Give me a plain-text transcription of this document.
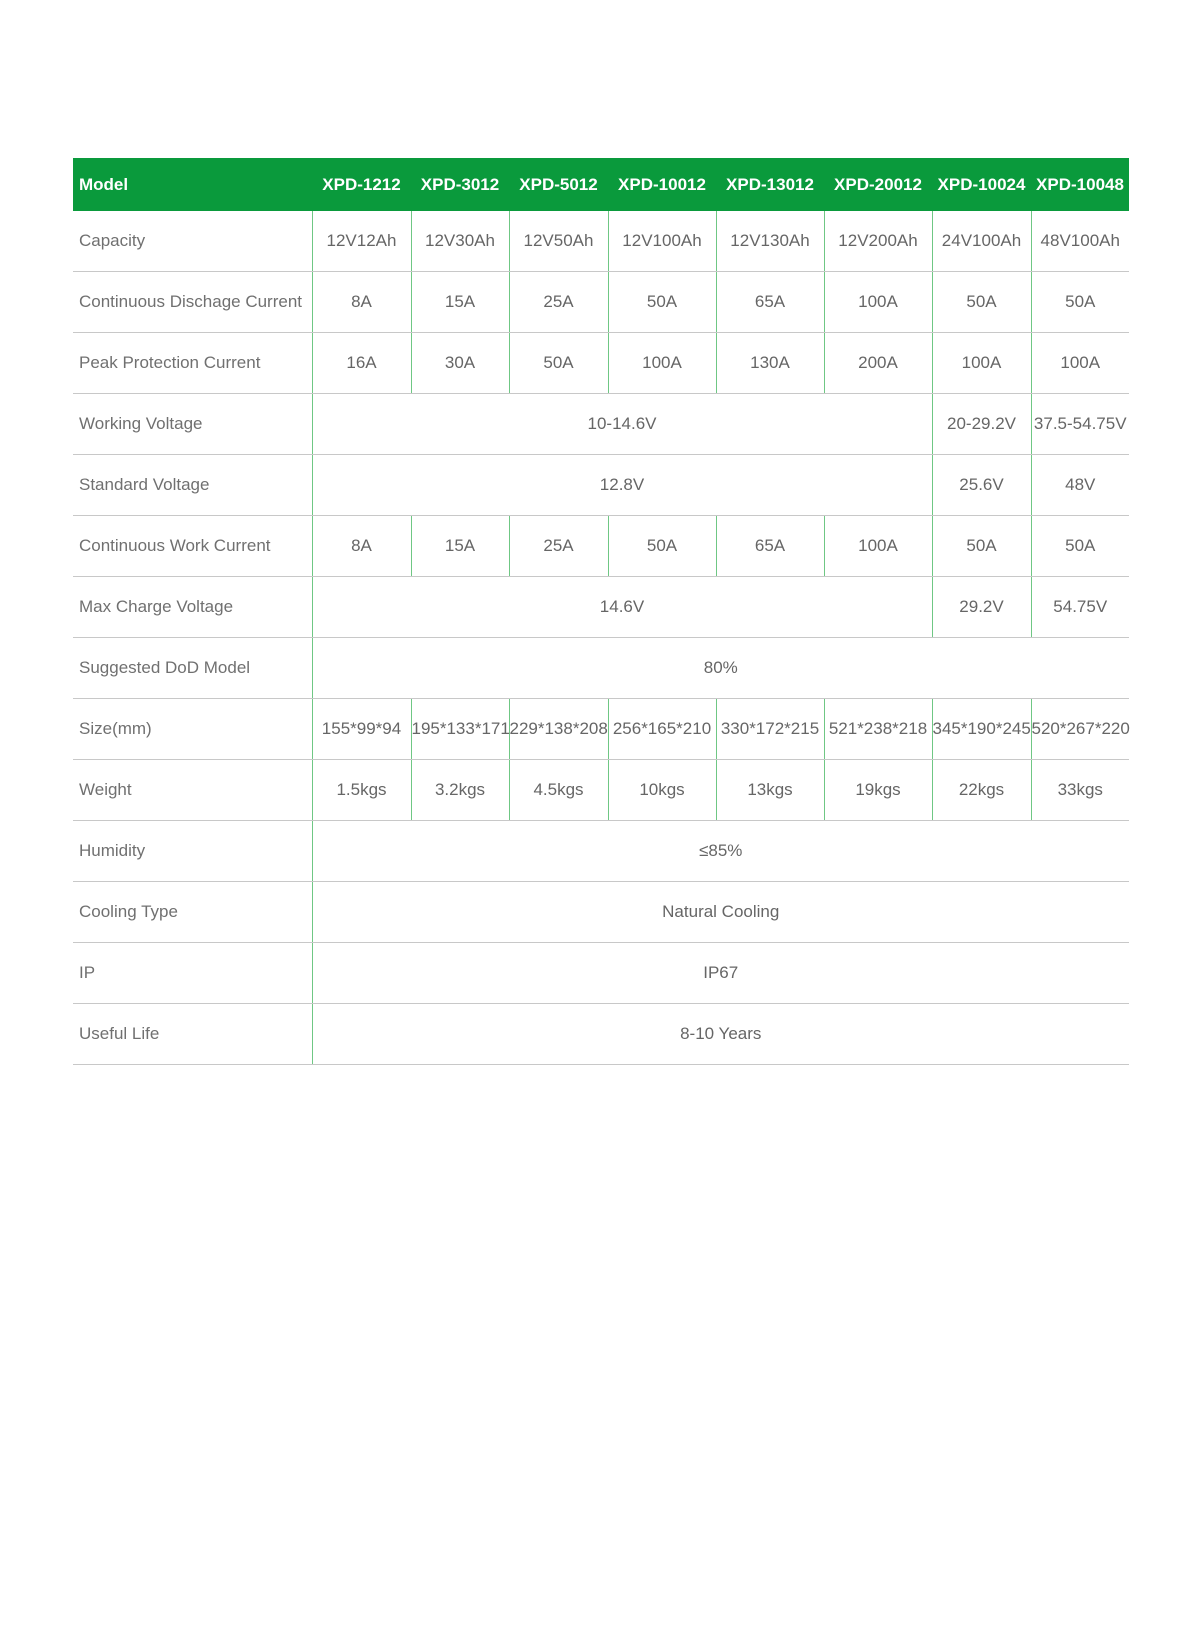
Model	XPD-1212	XPD-3012	XPD-5012	XPD-10012	XPD-13012	XPD-20012	XPD-10024	XPD-10048
Capacity	12V12Ah	12V30Ah	12V50Ah	12V100Ah	12V130Ah	12V200Ah	24V100Ah	48V100Ah
Continuous Dischage Current	8A	15A	25A	50A	65A	100A	50A	50A
Peak Protection Current	16A	30A	50A	100A	130A	200A	100A	100A
Working Voltage	10-14.6V						20-29.2V	37.5-54.75V
Standard Voltage	12.8V						25.6V	48V
Continuous Work Current	8A	15A	25A	50A	65A	100A	50A	50A
Max Charge Voltage	14.6V						29.2V	54.75V
Suggested DoD Model	80%							
Size(mm)	155*99*94	195*133*171	229*138*208	256*165*210	330*172*215	521*238*218	345*190*245	520*267*220
Weight	1.5kgs	3.2kgs	4.5kgs	10kgs	13kgs	19kgs	22kgs	33kgs
Humidity	≤85%							
Cooling Type	Natural Cooling							
IP	IP67							
Useful Life	8-10 Years							
